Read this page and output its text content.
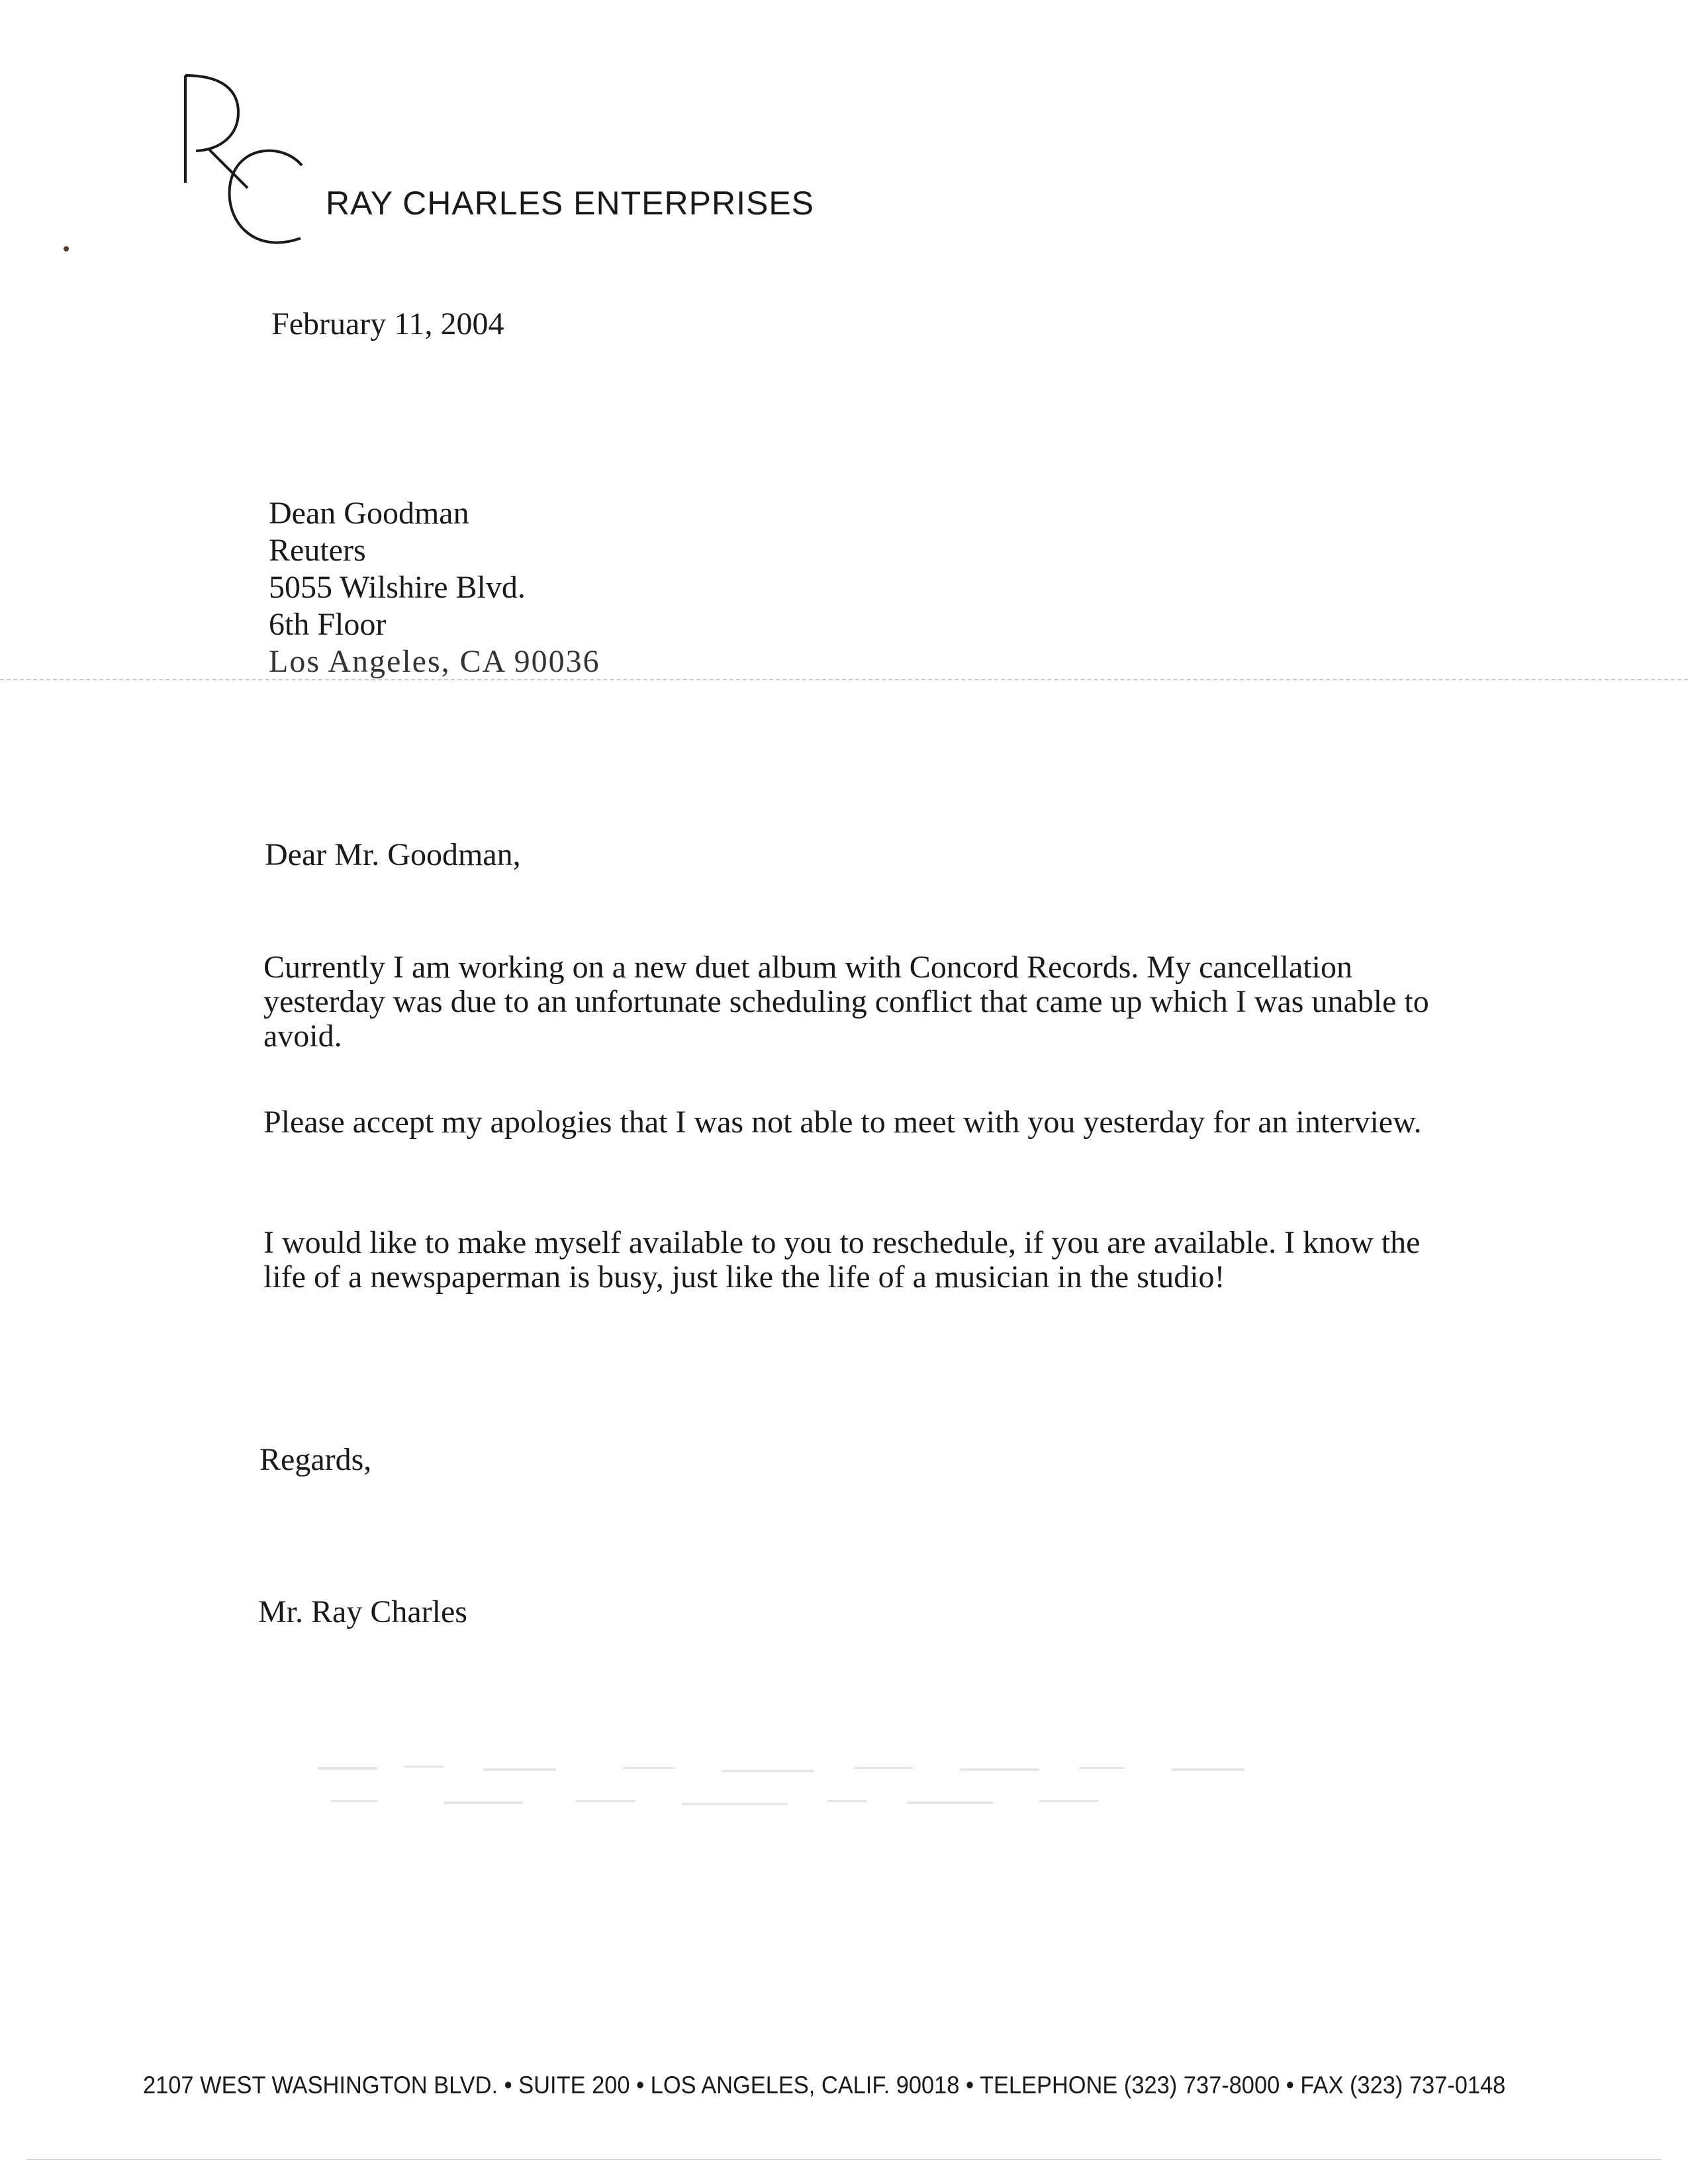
RAY CHARLES ENTERPRISES
February 11, 2004
Dean Goodman
Reuters
5055 Wilshire Blvd.
6th Floor
Los Angeles, CA 90036
Dear Mr. Goodman,
Currently I am working on a new duet album with Concord Records. My cancellation yesterday was due to an unfortunate scheduling conflict that came up which I was unable to avoid.
Please accept my apologies that I was not able to meet with you yesterday for an interview.
I would like to make myself available to you to reschedule, if you are available. I know the life of a newspaperman is busy, just like the life of a musician in the studio!
Regards,
Mr. Ray Charles
2107 WEST WASHINGTON BLVD. • SUITE 200 • LOS ANGELES, CALIF. 90018 • TELEPHONE (323) 737-8000 • FAX (323) 737-0148
